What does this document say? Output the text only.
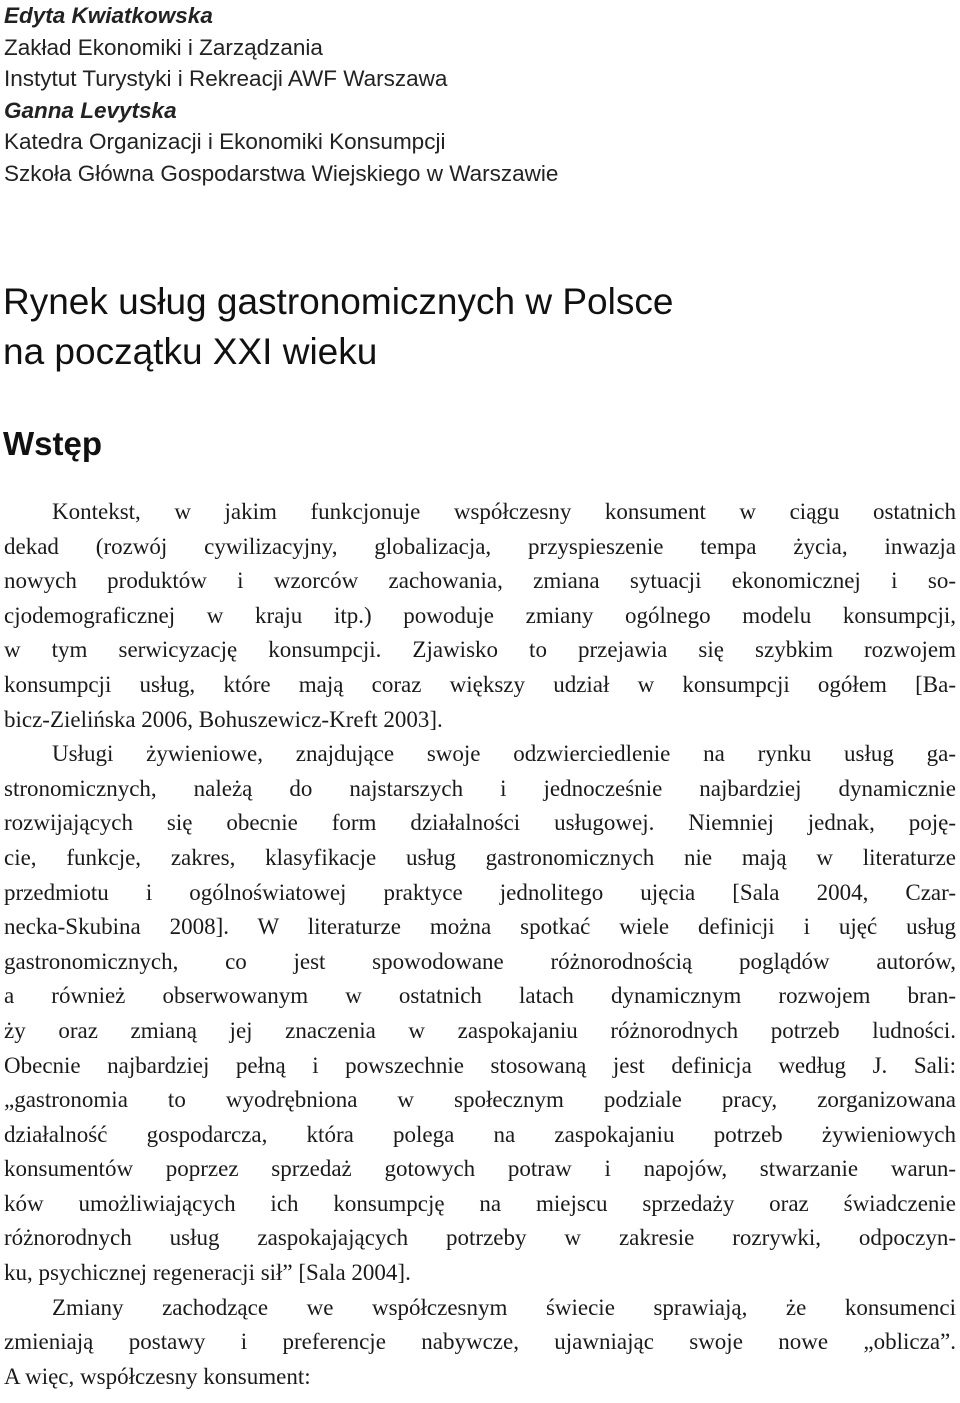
Edyta Kwiatkowska
Zakład Ekonomiki i Zarządzania
Instytut Turystyki i Rekreacji AWF Warszawa
Ganna Levytska
Katedra Organizacji i Ekonomiki Konsumpcji
Szkoła Główna Gospodarstwa Wiejskiego w Warszawie
Rynek usług gastronomicznych w Polsce
na początku XXI wieku
Wstęp
Kontekst, w jakim funkcjonuje współczesny konsument w ciągu ostatnich
dekad (rozwój cywilizacyjny, globalizacja, przyspieszenie tempa życia, inwazja
nowych produktów i wzorców zachowania, zmiana sytuacji ekonomicznej i so-
cjodemograficznej w kraju itp.) powoduje zmiany ogólnego modelu konsumpcji,
w tym serwicyzację konsumpcji. Zjawisko to przejawia się szybkim rozwojem
konsumpcji usług, które mają coraz większy udział w konsumpcji ogółem [Ba-
bicz-Zielińska 2006, Bohuszewicz-Kreft 2003].
Usługi żywieniowe, znajdujące swoje odzwierciedlenie na rynku usług ga-
stronomicznych, należą do najstarszych i jednocześnie najbardziej dynamicznie
rozwijających się obecnie form działalności usługowej. Niemniej jednak, poję-
cie, funkcje, zakres, klasyfikacje usług gastronomicznych nie mają w literaturze
przedmiotu i ogólnoświatowej praktyce jednolitego ujęcia [Sala 2004, Czar-
necka-Skubina 2008]. W literaturze można spotkać wiele definicji i ujęć usług
gastronomicznych, co jest spowodowane różnorodnością poglądów autorów,
a również obserwowanym w ostatnich latach dynamicznym rozwojem bran-
ży oraz zmianą jej znaczenia w zaspokajaniu różnorodnych potrzeb ludności.
Obecnie najbardziej pełną i powszechnie stosowaną jest definicja według J. Sali:
„gastronomia to wyodrębniona w społecznym podziale pracy, zorganizowana
działalność gospodarcza, która polega na zaspokajaniu potrzeb żywieniowych
konsumentów poprzez sprzedaż gotowych potraw i napojów, stwarzanie warun-
ków umożliwiających ich konsumpcję na miejscu sprzedaży oraz świadczenie
różnorodnych usług zaspokajających potrzeby w zakresie rozrywki, odpoczyn-
ku, psychicznej regeneracji sił” [Sala 2004].
Zmiany zachodzące we współczesnym świecie sprawiają, że konsumenci
zmieniają postawy i preferencje nabywcze, ujawniając swoje nowe „oblicza”.
A więc, współczesny konsument:
